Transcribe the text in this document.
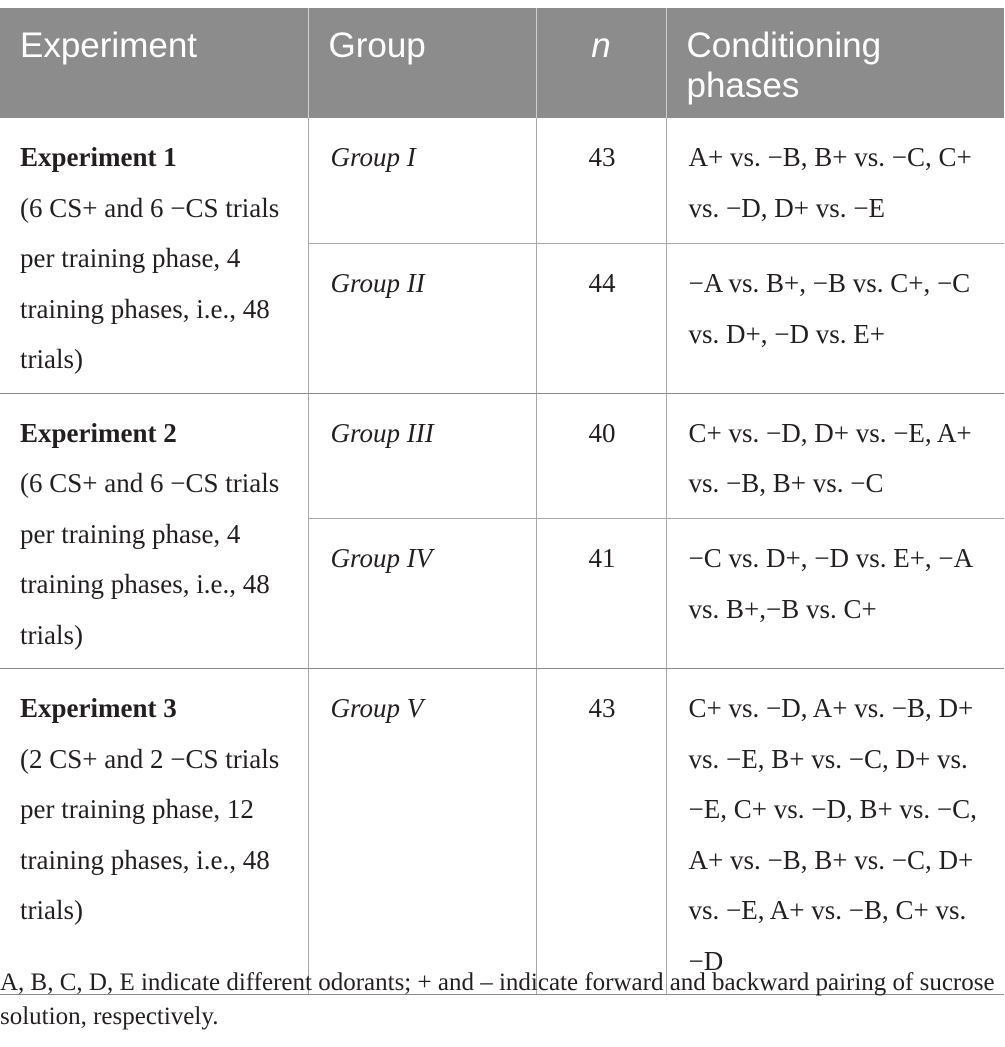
Experiment	Group	n	Conditioning phases

Experiment 1
(6 CS+ and 6 −CS trials per training phase, 4 training phases, i.e., 48 trials)	Group I	43	A+ vs. −B, B+ vs. −C, C+ vs. −D, D+ vs. −E
	Group II	44	−A vs. B+, −B vs. C+, −C vs. D+, −D vs. E+

Experiment 2
(6 CS+ and 6 −CS trials per training phase, 4 training phases, i.e., 48 trials)	Group III	40	C+ vs. −D, D+ vs. −E, A+ vs. −B, B+ vs. −C
	Group IV	41	−C vs. D+, −D vs. E+, −A vs. B+,−B vs. C+

Experiment 3
(2 CS+ and 2 −CS trials per training phase, 12 training phases, i.e., 48 trials)	Group V	43	C+ vs. −D, A+ vs. −B, D+ vs. −E, B+ vs. −C, D+ vs. −E, C+ vs. −D, B+ vs. −C, A+ vs. −B, B+ vs. −C, D+ vs. −E, A+ vs. −B, C+ vs. −D
A, B, C, D, E indicate different odorants; + and – indicate forward and backward pairing of sucrose solution, respectively.
